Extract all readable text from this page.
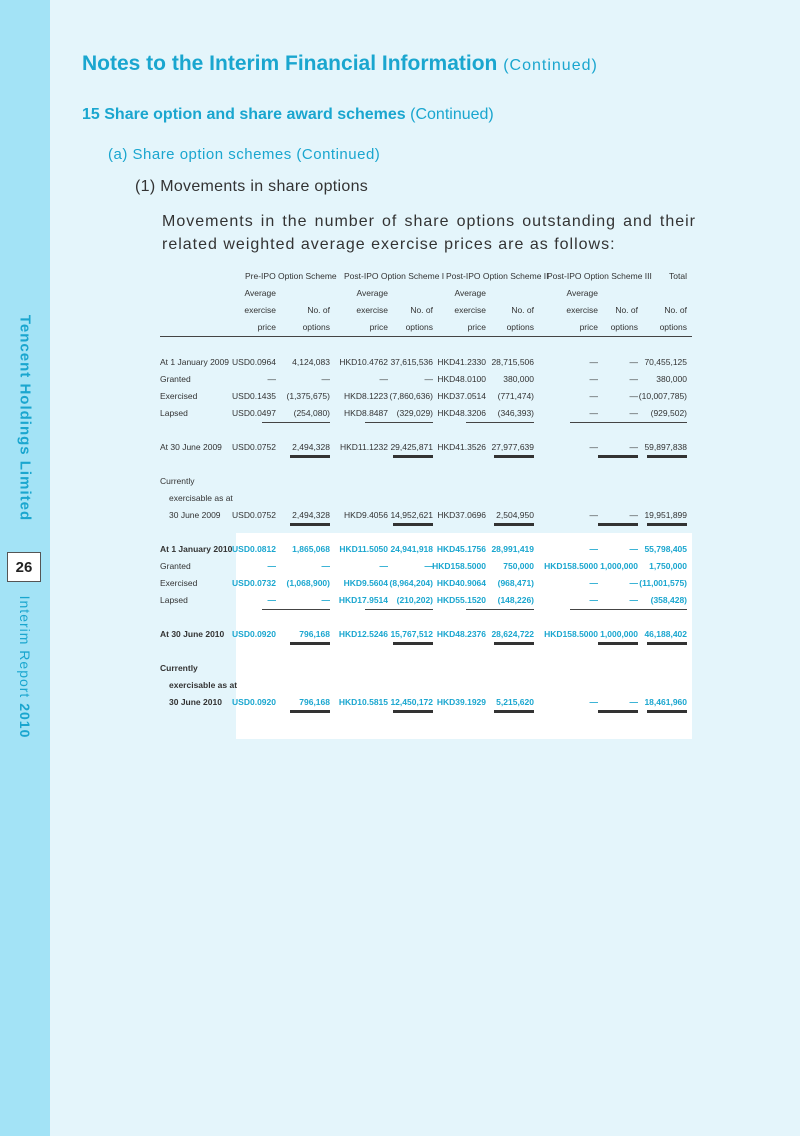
Tencent Holdings Limited
26
Interim Report 2010
Notes to the Interim Financial Information (Continued)
15 Share option and share award schemes (Continued)
(a) Share option schemes (Continued)
(1) Movements in share options
Movements in the number of share options outstanding and their related weighted average exercise prices are as follows:
Pre-IPO Option Scheme Post-IPO Option Scheme I Post-IPO Option Scheme II
Post-IPO Option Scheme III	Total
Average	Average	Average	Average
exercise	No. of	exercise	No. of	exercise	No. of	exercise	No. of	No. of
price	options	price	options	price	options	price	options	options
At 1 January 2009 USD0.0964	4,124,083	HKD10.4762 37,615,536 HKD41.2330 28,715,506	—	— 70,455,125
Granted	—	—	—	— HKD48.0100	380,000	—	—	380,000
Exercised	USD0.1435	(1,375,675)	HKD8.1223 (7,860,636) HKD37.0514	(771,474)	—	— (10,007,785)
Lapsed	USD0.0497	(254,080)	HKD8.8487	(329,029) HKD48.3206	(346,393)	—	—	(929,502)
At 30 June 2009	USD0.0752	2,494,328	HKD11.1232 29,425,871 HKD41.3526 27,977,639	—	— 59,897,838
Currently
exercisable as at
30 June 2009	USD0.0752	2,494,328	HKD9.4056 14,952,621 HKD37.0696	2,504,950	—	— 19,951,899
At 1 January 2010 USD0.0812	1,865,068	HKD11.5050 24,941,918 HKD45.1756 28,991,419	—	— 55,798,405
Granted	—	—	—	— HKD158.5000	750,000	HKD158.5000 1,000,000	1,750,000
Exercised	USD0.0732	(1,068,900)	HKD9.5604 (8,964,204) HKD40.9064	(968,471)	—	— (11,001,575)
Lapsed	—	—	HKD17.9514	(210,202) HKD55.1520	(148,226)	—	—	(358,428)
At 30 June 2010 USD0.0920	796,168	HKD12.5246 15,767,512 HKD48.2376 28,624,722	HKD158.5000 1,000,000 46,188,402
Currently
exercisable as at
30 June 2010	USD0.0920	796,168	HKD10.5815 12,450,172 HKD39.1929	5,215,620	—	— 18,461,960
